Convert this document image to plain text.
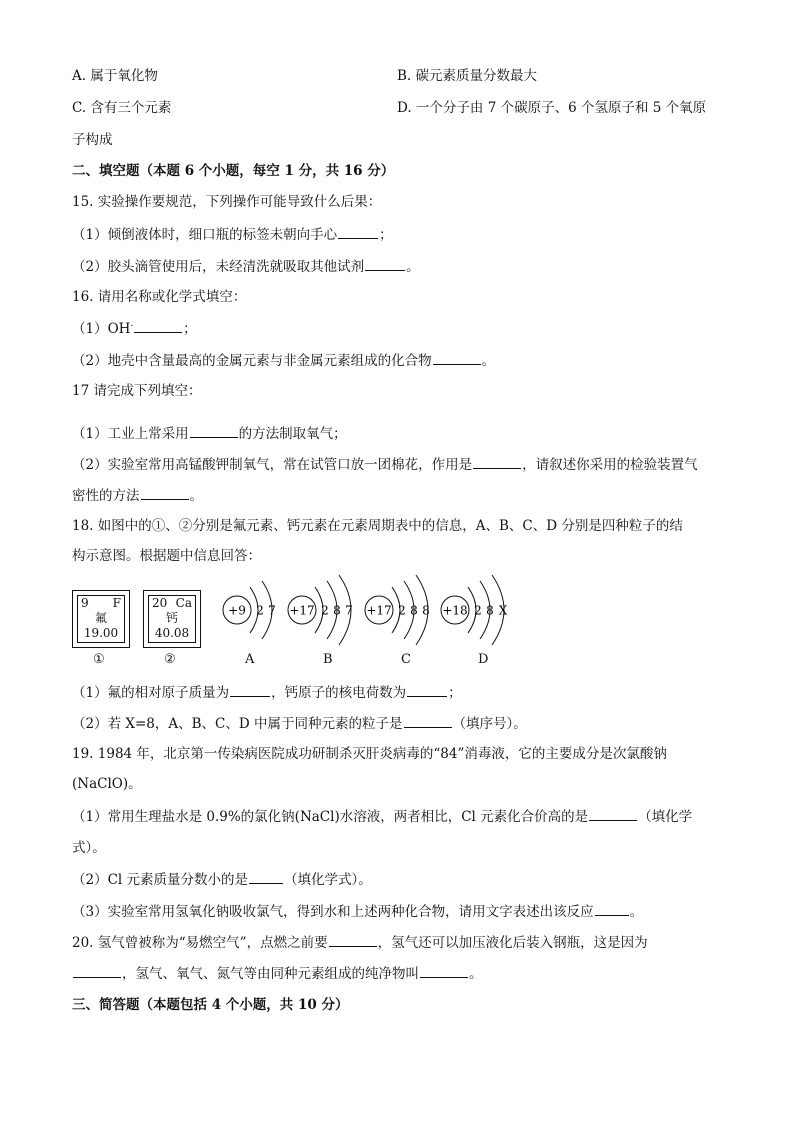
A. 属于氧化物	B. 碳元素质量分数最大
C. 含有三个元素	D. 一个分子由 7 个碳原子、6 个氢原子和 5 个氧原
子构成
二、填空题（本题 6 个小题，每空 1 分，共 16 分）
15. 实验操作要规范，下列操作可能导致什么后果：
（1）倾倒液体时，细口瓶的标签未朝向手心	；
（2）胶头滴管使用后，未经清洗就吸取其他试剂	。
16. 请用名称或化学式填空：
（1）OH-	；
（2）地壳中含量最高的金属元素与非金属元素组成的化合物	。
17 请完成下列填空：
（1）工业上常采用	的方法制取氧气；
（2）实验室常用高锰酸钾制氧气，常在试管口放一团棉花，作用是	，请叙述你采用的检验装置气
密性的方法	。
18. 如图中的①、②分别是氟元素、钙元素在元素周期表中的信息，A、B、C、D 分别是四种粒子的结
构示意图。根据题中信息回答：
9 F
氟
19.00
20 Ca
钙
40.08
①	②
+9 2 7 +17 2 8 7 +17 2 8 8 +18 2 8 X
A	B	C	D
（1）氟的相对原子质量为	，钙原子的核电荷数为	；
（2）若 X=8，A、B、C、D 中属于同种元素的粒子是	（填序号）。
19. 1984 年，北京第一传染病医院成功研制杀灭肝炎病毒的“84”消毒液，它的主要成分是次氯酸钠
(NaClO)。
（1）常用生理盐水是 0.9%的氯化钠(NaCl)水溶液，两者相比，Cl 元素化合价高的是	（填化学
式）。
（2）Cl 元素质量分数小的是	（填化学式）。
（3）实验室常用氢氧化钠吸收氯气，得到水和上述两种化合物，请用文字表述出该反应	。
20. 氢气曾被称为“易燃空气”，点燃之前要	，氢气还可以加压液化后装入钢瓶，这是因为
，氢气、氧气、氮气等由同种元素组成的纯净物叫	。
三、简答题（本题包括 4 个小题，共 10 分）
